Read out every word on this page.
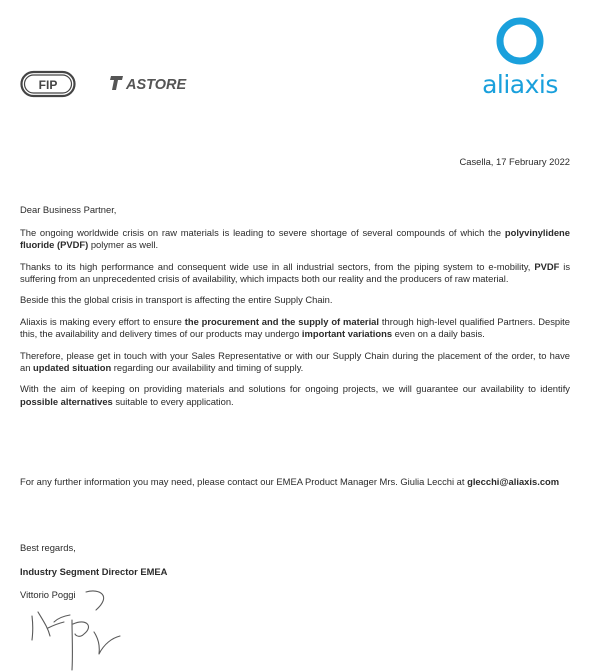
FIP	ASTORE	aliaxis
Casella, 17 February 2022
Dear Business Partner,

The ongoing worldwide crisis on raw materials is leading to severe shortage of several compounds of which the polyvinylidene fluoride (PVDF) polymer as well.

Thanks to its high performance and consequent wide use in all industrial sectors, from the piping system to e-mobility, PVDF is suffering from an unprecedented crisis of availability, which impacts both our reality and the producers of raw material.

Beside this the global crisis in transport is affecting the entire Supply Chain.

Aliaxis is making every effort to ensure the procurement and the supply of material through high-level qualified Partners. Despite this, the availability and delivery times of our products may undergo important variations even on a daily basis.

Therefore, please get in touch with your Sales Representative or with our Supply Chain during the placement of the order, to have an updated situation regarding our availability and timing of supply.

With the aim of keeping on providing materials and solutions for ongoing projects, we will guarantee our availability to identify possible alternatives suitable to every application.

For any further information you may need, please contact our EMEA Product Manager Mrs. Giulia Lecchi at glecchi@aliaxis.com
Best regards,
Industry Segment Director EMEA
Vittorio Poggi
